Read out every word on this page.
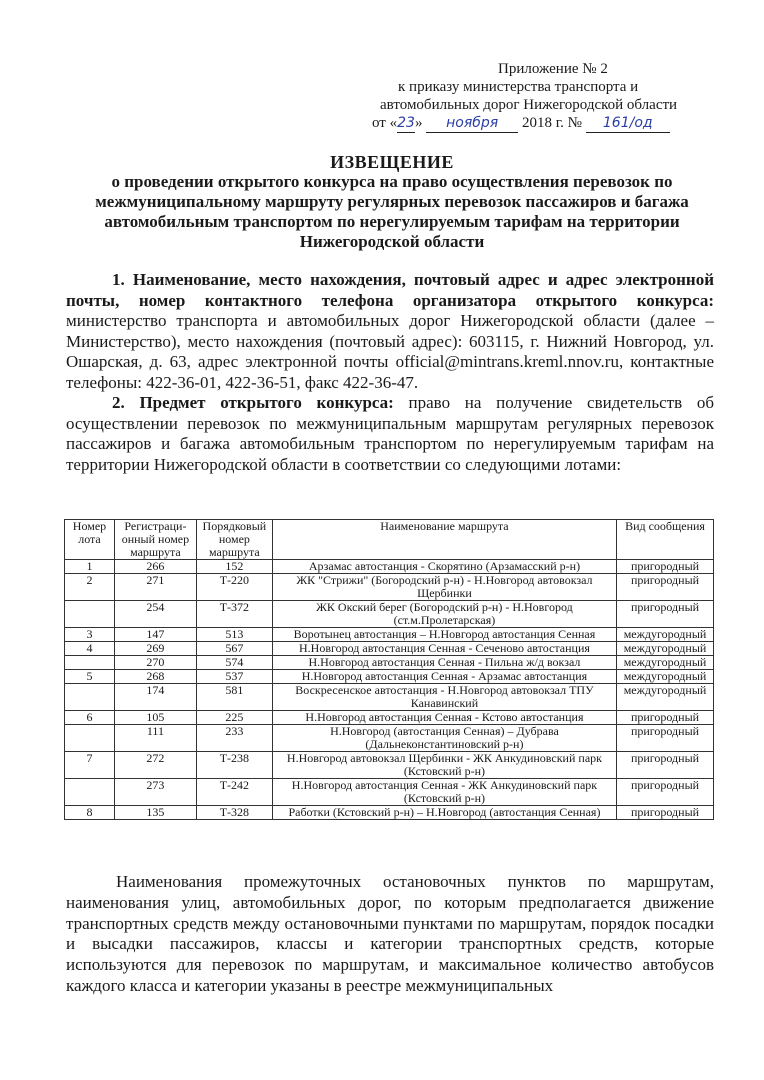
Приложение № 2
к приказу министерства транспорта и
автомобильных дорог Нижегородской области
от «23» ноября 2018 г. № 161/од
ИЗВЕЩЕНИЕ
о проведении открытого конкурса на право осуществления перевозок по межмуниципальному маршруту регулярных перевозок пассажиров и багажа автомобильным транспортом по нерегулируемым тарифам на территории Нижегородской области

1. Наименование, место нахождения, почтовый адрес и адрес электронной почты, номер контактного телефона организатора открытого конкурса: министерство транспорта и автомобильных дорог Нижегородской области (далее – Министерство), место нахождения (почтовый адрес): 603115, г. Нижний Новгород, ул. Ошарская, д. 63, адрес электронной почты official@mintrans.kreml.nnov.ru, контактные телефоны: 422-36-01, 422-36-51, факс 422-36-47.

2. Предмет открытого конкурса: право на получение свидетельств об осуществлении перевозок по межмуниципальным маршрутам регулярных перевозок пассажиров и багажа автомобильным транспортом по нерегулируемым тарифам на территории Нижегородской области в соответствии со следующими лотами:

Номер лота	Регистраци-онный номер маршрута	Порядковый номер маршрута	Наименование маршрута	Вид сообщения
1	266	152	Арзамас автостанция - Скорятино (Арзамасский р-н)	пригородный
2	271	Т-220	ЖК "Стрижи" (Богородский р-н) - Н.Новгород автовокзал Щербинки	пригородный
	254	Т-372	ЖК Окский берег (Богородский р-н) - Н.Новгород (ст.м.Пролетарская)	пригородный
3	147	513	Воротынец автостанция – Н.Новгород автостанция Сенная	междугородный
4	269	567	Н.Новгород автостанция Сенная - Сеченово автостанция	междугородный
	270	574	Н.Новгород автостанция Сенная - Пильна ж/д вокзал	междугородный
5	268	537	Н.Новгород автостанция Сенная - Арзамас автостанция	междугородный
	174	581	Воскресенское автостанция - Н.Новгород автовокзал ТПУ Канавинский	междугородный
6	105	225	Н.Новгород автостанция Сенная - Кстово автостанция	пригородный
	111	233	Н.Новгород (автостанция Сенная) – Дубрава (Дальнеконстантиновский р-н)	пригородный
7	272	Т-238	Н.Новгород автовокзал Щербинки - ЖК Анкудиновский парк (Кстовский р-н)	пригородный
	273	Т-242	Н.Новгород автостанция Сенная - ЖК Анкудиновский парк (Кстовский р-н)	пригородный
8	135	Т-328	Работки (Кстовский р-н) – Н.Новгород (автостанция Сенная)	пригородный

Наименования промежуточных остановочных пунктов по маршрутам, наименования улиц, автомобильных дорог, по которым предполагается движение транспортных средств между остановочными пунктами по маршрутам, порядок посадки и высадки пассажиров, классы и категории транспортных средств, которые используются для перевозок по маршрутам, и максимальное количество автобусов каждого класса и категории указаны в реестре межмуниципальных
